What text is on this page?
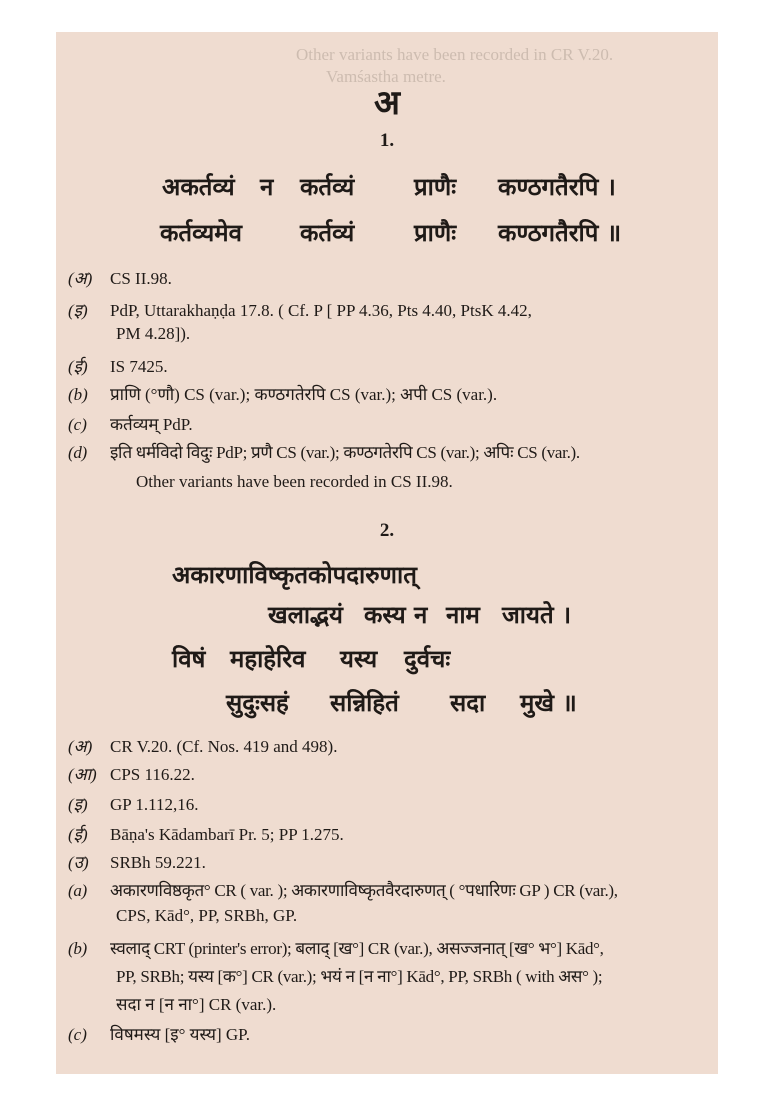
Other variants have been recorded in CR V.20.
Vamśastha metre.
अ
1.
अकर्तव्यं न कर्तव्यं प्राणैः कण्ठगतैरपि ।
कर्तव्यमेव कर्तव्यं प्राणैः कण्ठगतैरपि ॥
(अ) CS II.98.
(इ) PdP, Uttarakhaṇḍa 17.8. ( Cf. P [ PP 4.36, Pts 4.40, PtsK 4.42,
PM 4.28]).
(ई) IS 7425.
(b) प्राणि (°णौ) CS (var.); कण्ठगतेरपि CS (var.); अपी CS (var.).
(c) कर्तव्यम् PdP.
(d) इति धर्मविदो विदुः PdP; प्रणै CS (var.); कण्ठगतेरपि CS (var.); अपिः CS (var.).
Other variants have been recorded in CS II.98.
2.
अकारणाविष्कृतकोपदारुणात्
खलाद्भयं कस्य न नाम जायते ।
विषं महाहेरिव यस्य दुर्वचः
सुदुःसहं सन्निहितं सदा मुखे ॥
(अ) CR V.20. (Cf. Nos. 419 and 498).
(आ) CPS 116.22.
(इ) GP 1.112,16.
(ई) Bāṇa's Kādambarī Pr. 5; PP 1.275.
(उ) SRBh 59.221.
(a) अकारणविष्ठकृत° CR ( var. ); अकारणाविष्कृतवैरदारुणत् ( °पधारिणः GP ) CR (var.),
CPS, Kād°, PP, SRBh, GP.
(b) स्वलाद् CRT (printer's error); बलाद् [ख°] CR (var.), असज्जनात् [ख° भ°] Kād°,
PP, SRBh; यस्य [क°] CR (var.); भयं न [न ना°] Kād°, PP, SRBh ( with अस° );
सदा न [न ना°] CR (var.).
(c) विषमस्य [इ° यस्य] GP.
